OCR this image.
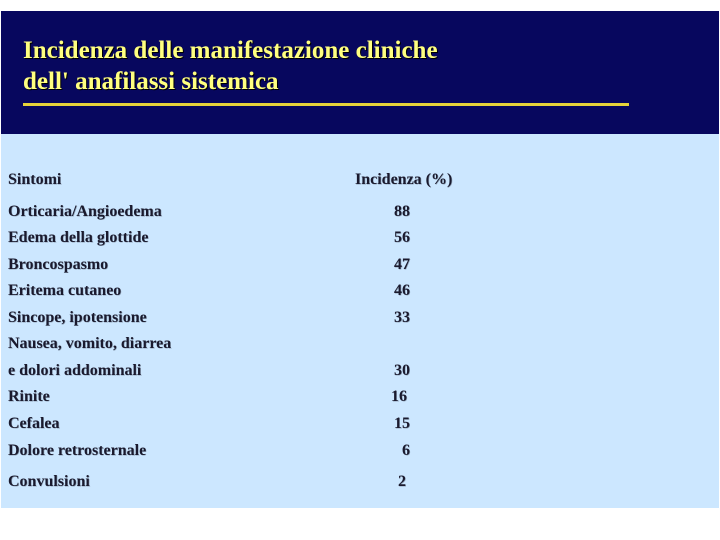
Incidenza delle manifestazione cliniche
dell' anafilassi sistemica

Sintomi	Incidenza (%)

Orticaria/Angioedema	88

Edema della glottide	56

Broncospasmo	47

Eritema cutaneo	46

Sincope, ipotensione	33

Nausea, vomito, diarrea

e dolori addominali	30

Rinite	16

Cefalea	15

Dolore retrosternale	6

Convulsioni	2
